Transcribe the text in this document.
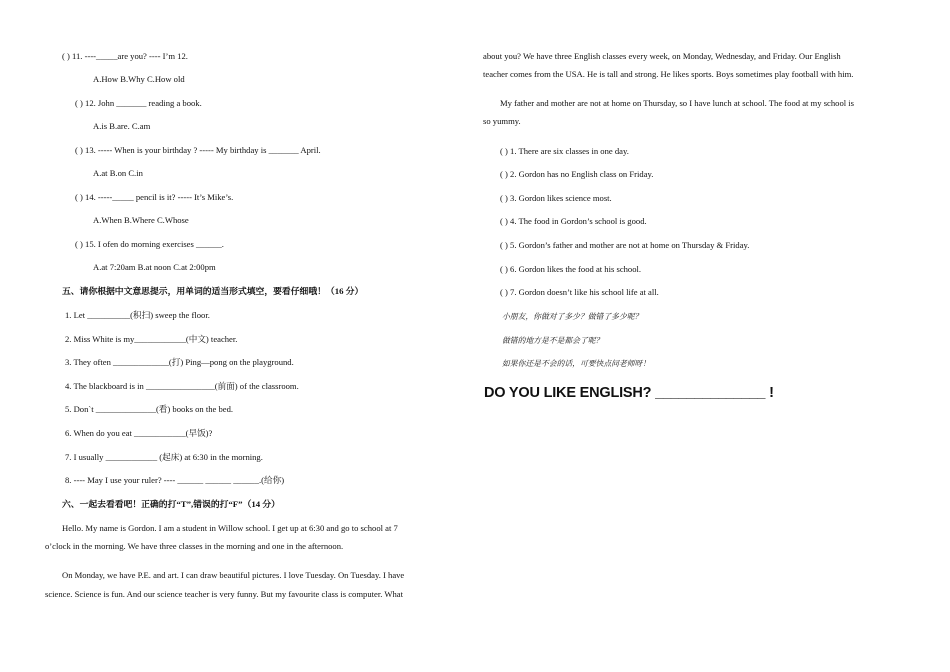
( ) 11. ----_____are you? ---- I’m 12.
A.How B.Why C.How old
( ) 12. John _______ reading a book.
A.is B.are. C.am
( ) 13. ----- When is your birthday ? ----- My birthday is _______ April.
A.at B.on C.in
( ) 14. -----_____ pencil is it? ----- It’s Mike’s.
A.When B.Where C.Whose
( ) 15. I ofen do morning exercises ______.
A.at 7:20am B.at noon C.at 2:00pm
五、请你根据中文意思提示，用单词的适当形式填空，要看仔细哦！（16 分）
1. Let __________(积扫) sweep the floor.
2. Miss White is my____________(中文) teacher.
3. They often _____________(打) Ping—pong on the playground.
4. The blackboard is in ________________(前面) of the classroom.
5. Don`t ______________(看) books on the bed.
6. When do you eat ____________(早饭)?
7. I usually ____________ (起床) at 6:30 in the morning.
8. ---- May I use your ruler? ---- ______ ______ ______.(给你)
六、一起去看看吧！正确的打“T”,错误的打“F”（14 分）
Hello. My name is Gordon. I am a student in Willow school. I get up at 6:30 and go to school at 7
o’clock in the morning. We have three classes in the morning and one in the afternoon.
On Monday, we have P.E. and art. I can draw beautiful pictures. I love Tuesday. On Tuesday. I have
science. Science is fun. And our science teacher is very funny. But my favourite class is computer. What
about you? We have three English classes every week, on Monday, Wednesday, and Friday. Our English
teacher comes from the USA. He is tall and strong. He likes sports. Boys sometimes play football with him.
My father and mother are not at home on Thursday, so I have lunch at school. The food at my school is
so yummy.
( ) 1. There are six classes in one day.
( ) 2. Gordon has no English class on Friday.
( ) 3. Gordon likes science most.
( ) 4. The food in Gordon’s school is good.
( ) 5. Gordon’s father and mother are not at home on Thursday & Friday.
( ) 6. Gordon likes the food at his school.
( ) 7. Gordon doesn’t like his school life at all.
小朋友，你做对了多少？做错了多少呢？
做错的地方是不是都会了呢？
如果你还是不会的话，可要快点问老师呀！
DO YOU LIKE ENGLISH? ______________ !
